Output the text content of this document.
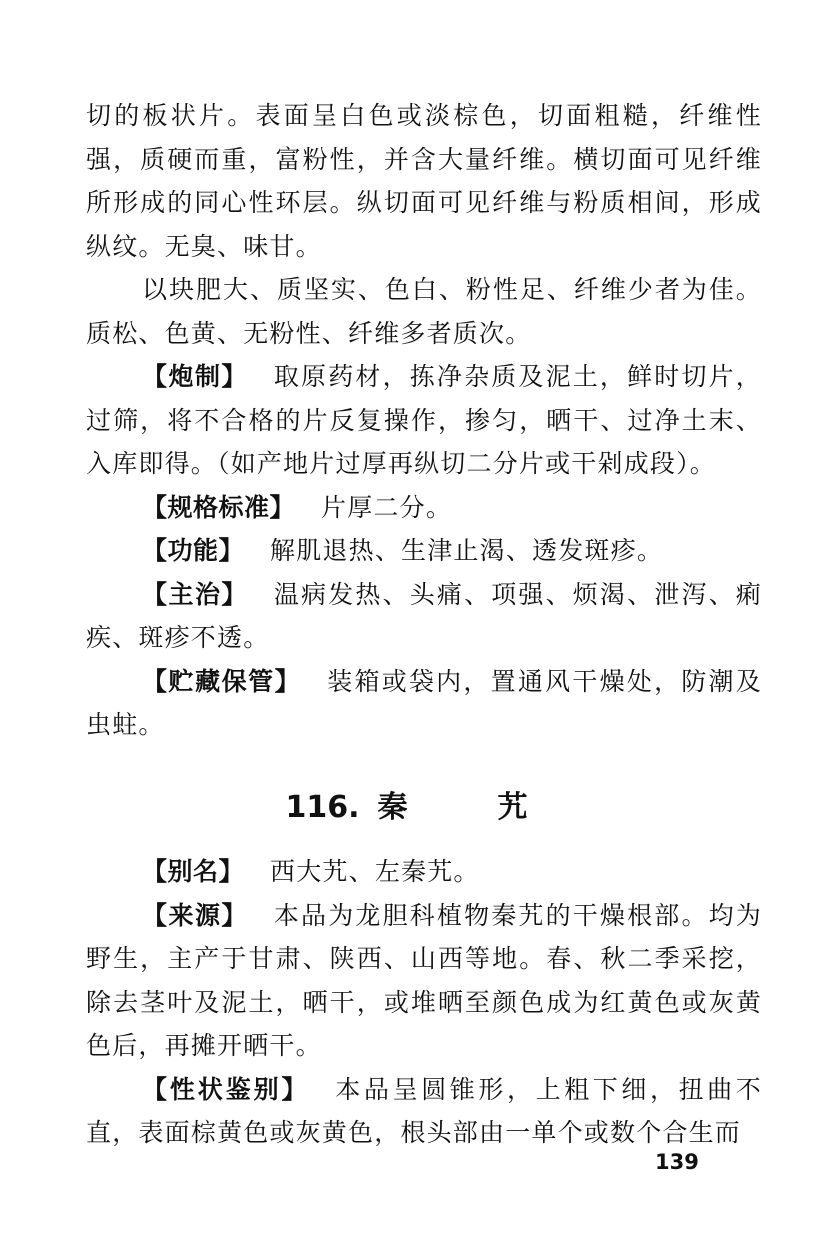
切的板状片。表面呈白色或淡棕色，切面粗糙，纤维性强，质硬而重，富粉性，并含大量纤维。横切面可见纤维所形成的同心性环层。纵切面可见纤维与粉质相间，形成纵纹。无臭、味甘。

以块肥大、质坚实、色白、粉性足、纤维少者为佳。质松、色黄、无粉性、纤维多者质次。

【炮制】 取原药材，拣净杂质及泥土，鲜时切片，过筛，将不合格的片反复操作，掺匀，晒干、过净土末、入库即得。（如产地片过厚再纵切二分片或干剁成段）。

【规格标准】 片厚二分。

【功能】 解肌退热、生津止渴、透发斑疹。

【主治】 温病发热、头痛、项强、烦渴、泄泻、痢疾、斑疹不透。

【贮藏保管】 装箱或袋内，置通风干燥处，防潮及虫蛀。

116. 秦	艽

【别名】 西大艽、左秦艽。

【来源】 本品为龙胆科植物秦艽的干燥根部。均为野生，主产于甘肃、陕西、山西等地。春、秋二季采挖，除去茎叶及泥土，晒干，或堆晒至颜色成为红黄色或灰黄色后，再摊开晒干。

【性状鉴别】 本品呈圆锥形，上粗下细，扭曲不直，表面棕黄色或灰黄色，根头部由一单个或数个合生而

139
